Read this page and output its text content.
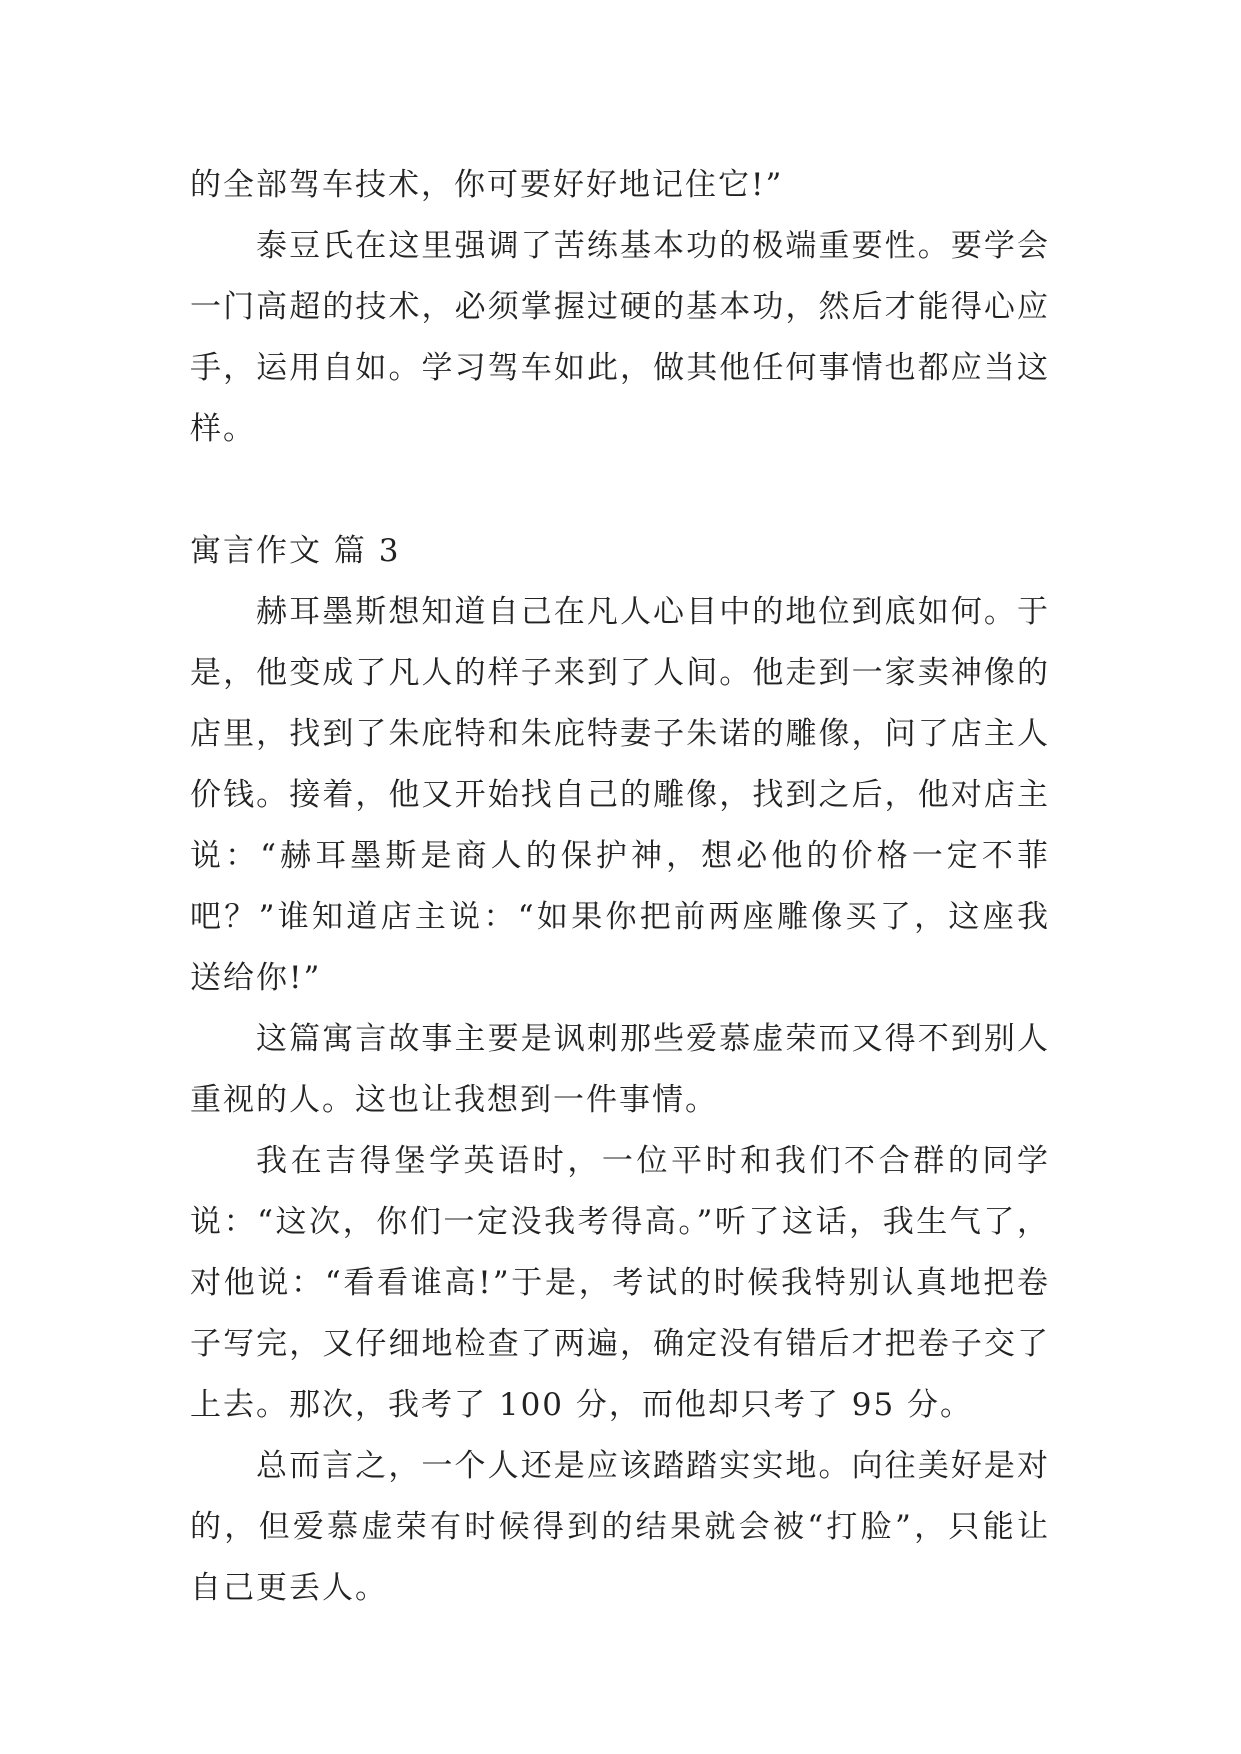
的全部驾车技术，你可要好好地记住它!”

泰豆氏在这里强调了苦练基本功的极端重要性。要学会一门高超的技术，必须掌握过硬的基本功，然后才能得心应手，运用自如。学习驾车如此，做其他任何事情也都应当这样。

寓言作文 篇 3

赫耳墨斯想知道自己在凡人心目中的地位到底如何。于是，他变成了凡人的样子来到了人间。他走到一家卖神像的店里，找到了朱庇特和朱庇特妻子朱诺的雕像，问了店主人价钱。接着，他又开始找自己的雕像，找到之后，他对店主说：“赫耳墨斯是商人的保护神，想必他的价格一定不菲吧？”谁知道店主说：“如果你把前两座雕像买了，这座我送给你!”

这篇寓言故事主要是讽刺那些爱慕虚荣而又得不到别人重视的人。这也让我想到一件事情。

我在吉得堡学英语时，一位平时和我们不合群的同学说：“这次，你们一定没我考得高。”听了这话，我生气了，对他说：“看看谁高!”于是，考试的时候我特别认真地把卷子写完，又仔细地检查了两遍，确定没有错后才把卷子交了上去。那次，我考了 100 分，而他却只考了 95 分。

总而言之，一个人还是应该踏踏实实地。向往美好是对的，但爱慕虚荣有时候得到的结果就会被“打脸”，只能让自己更丢人。
